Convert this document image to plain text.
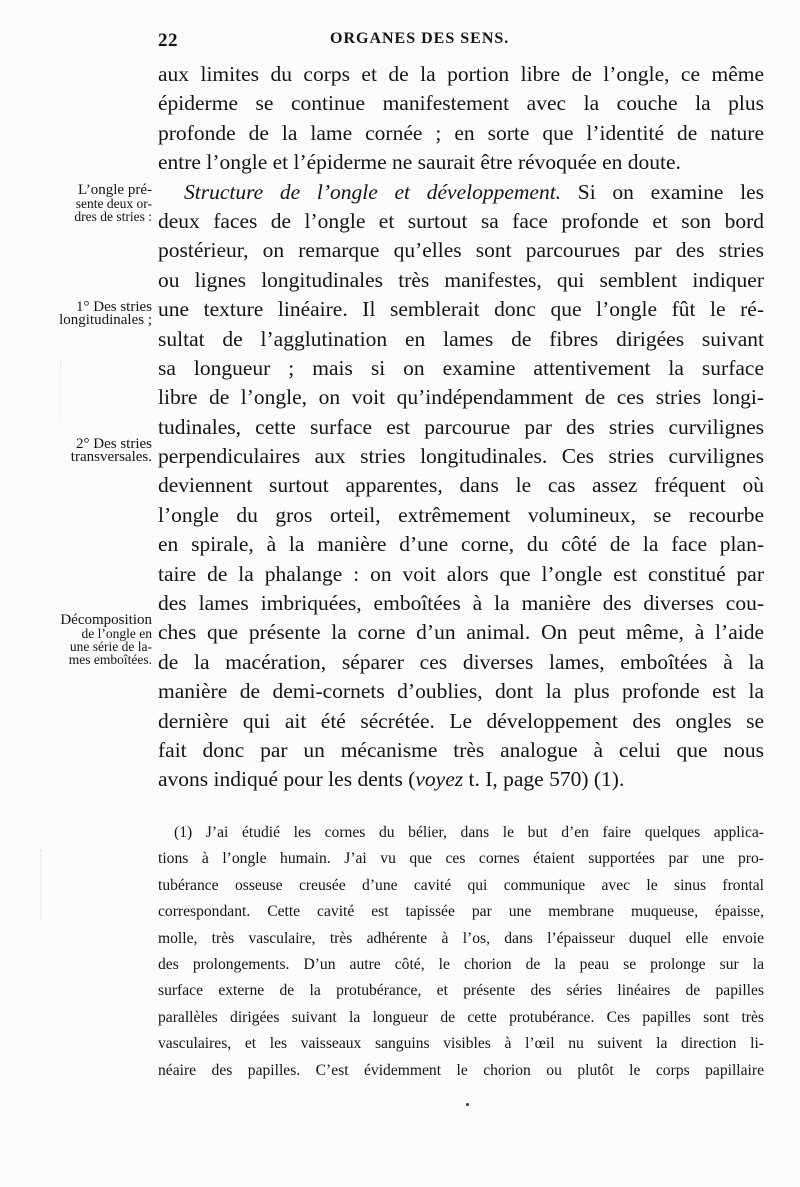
22	ORGANES DES SENS.
aux limites du corps et de la portion libre de l’ongle, ce même
épiderme se continue manifestement avec la couche la plus
profonde de la lame cornée ; en sorte que l’identité de nature
entre l’ongle et l’épiderme ne saurait être révoquée en doute.
Structure de l’ongle et développement. Si on examine les
deux faces de l’ongle et surtout sa face profonde et son bord
postérieur, on remarque qu’elles sont parcourues par des stries
ou lignes longitudinales très manifestes, qui semblent indiquer
une texture linéaire. Il semblerait donc que l’ongle fût le ré-
sultat de l’agglutination en lames de fibres dirigées suivant
sa longueur ; mais si on examine attentivement la surface
libre de l’ongle, on voit qu’indépendamment de ces stries longi-
tudinales, cette surface est parcourue par des stries curvilignes
perpendiculaires aux stries longitudinales. Ces stries curvilignes
deviennent surtout apparentes, dans le cas assez fréquent où
l’ongle du gros orteil, extrêmement volumineux, se recourbe
en spirale, à la manière d’une corne, du côté de la face plan-
taire de la phalange : on voit alors que l’ongle est constitué par
des lames imbriquées, emboîtées à la manière des diverses cou-
ches que présente la corne d’un animal. On peut même, à l’aide
de la macération, séparer ces diverses lames, emboîtées à la
manière de demi-cornets d’oublies, dont la plus profonde est la
dernière qui ait été sécrétée. Le développement des ongles se
fait donc par un mécanisme très analogue à celui que nous
avons indiqué pour les dents (voyez t. I, page 570) (1).
L’ongle pré-
sente deux or-
dres de stries :
1° Des stries
longitudinales ;
2° Des stries
transversales.
Décomposition
de l’ongle en
une série de la-
mes emboîtées.
(1) J’ai étudié les cornes du bélier, dans le but d’en faire quelques applica-
tions à l’ongle humain. J’ai vu que ces cornes étaient supportées par une pro-
tubérance osseuse creusée d’une cavité qui communique avec le sinus frontal
correspondant. Cette cavité est tapissée par une membrane muqueuse, épaisse,
molle, très vasculaire, très adhérente à l’os, dans l’épaisseur duquel elle envoie
des prolongements. D’un autre côté, le chorion de la peau se prolonge sur la
surface externe de la protubérance, et présente des séries linéaires de papilles
parallèles dirigées suivant la longueur de cette protubérance. Ces papilles sont très
vasculaires, et les vaisseaux sanguins visibles à l’œil nu suivent la direction li-
néaire des papilles. C’est évidemment le chorion ou plutôt le corps papillaire
